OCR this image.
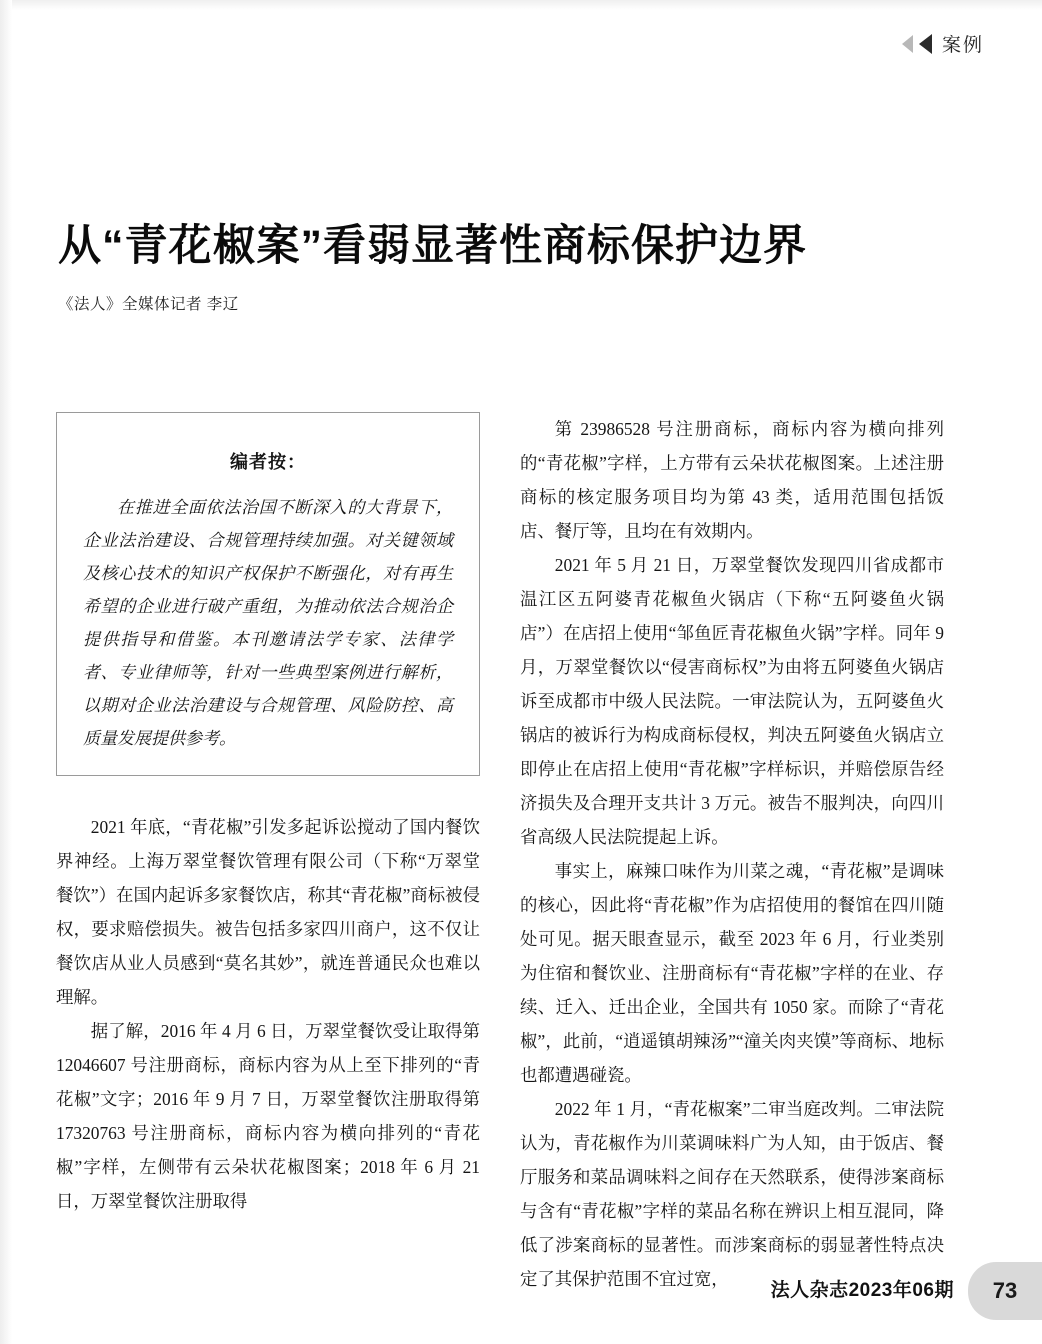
案例
从“青花椒案”看弱显著性商标保护边界
《法人》全媒体记者 李辽
编者按：

在推进全面依法治国不断深入的大背景下，企业法治建设、合规管理持续加强。对关键领域及核心技术的知识产权保护不断强化，对有再生希望的企业进行破产重组，为推动依法合规治企提供指导和借鉴。本刊邀请法学专家、法律学者、专业律师等，针对一些典型案例进行解析，以期对企业法治建设与合规管理、风险防控、高质量发展提供参考。

2021 年底，“青花椒”引发多起诉讼搅动了国内餐饮界神经。上海万翠堂餐饮管理有限公司（下称“万翠堂餐饮”）在国内起诉多家餐饮店，称其“青花椒”商标被侵权，要求赔偿损失。被告包括多家四川商户，这不仅让餐饮店从业人员感到“莫名其妙”，就连普通民众也难以理解。

据了解，2016 年 4 月 6 日，万翠堂餐饮受让取得第 12046607 号注册商标，商标内容为从上至下排列的“青花椒”文字；2016 年 9 月 7 日，万翠堂餐饮注册取得第 17320763 号注册商标，商标内容为横向排列的“青花椒”字样，左侧带有云朵状花椒图案；2018 年 6 月 21 日，万翠堂餐饮注册取得

第 23986528 号注册商标，商标内容为横向排列的“青花椒”字样，上方带有云朵状花椒图案。上述注册商标的核定服务项目均为第 43 类，适用范围包括饭店、餐厅等，且均在有效期内。

2021 年 5 月 21 日，万翠堂餐饮发现四川省成都市温江区五阿婆青花椒鱼火锅店（下称“五阿婆鱼火锅店”）在店招上使用“邹鱼匠青花椒鱼火锅”字样。同年 9 月，万翠堂餐饮以“侵害商标权”为由将五阿婆鱼火锅店诉至成都市中级人民法院。一审法院认为，五阿婆鱼火锅店的被诉行为构成商标侵权，判决五阿婆鱼火锅店立即停止在店招上使用“青花椒”字样标识，并赔偿原告经济损失及合理开支共计 3 万元。被告不服判决，向四川省高级人民法院提起上诉。

事实上，麻辣口味作为川菜之魂，“青花椒”是调味的核心，因此将“青花椒”作为店招使用的餐馆在四川随处可见。据天眼查显示，截至 2023 年 6 月，行业类别为住宿和餐饮业、注册商标有“青花椒”字样的在业、存续、迁入、迁出企业，全国共有 1050 家。而除了“青花椒”，此前，“逍遥镇胡辣汤”“潼关肉夹馍”等商标、地标也都遭遇碰瓷。

2022 年 1 月，“青花椒案”二审当庭改判。二审法院认为，青花椒作为川菜调味料广为人知，由于饭店、餐厅服务和菜品调味料之间存在天然联系，使得涉案商标与含有“青花椒”字样的菜品名称在辨识上相互混同，降低了涉案商标的显著性。而涉案商标的弱显著性特点决定了其保护范围不宜过宽，

法人杂志2023年06期	73
